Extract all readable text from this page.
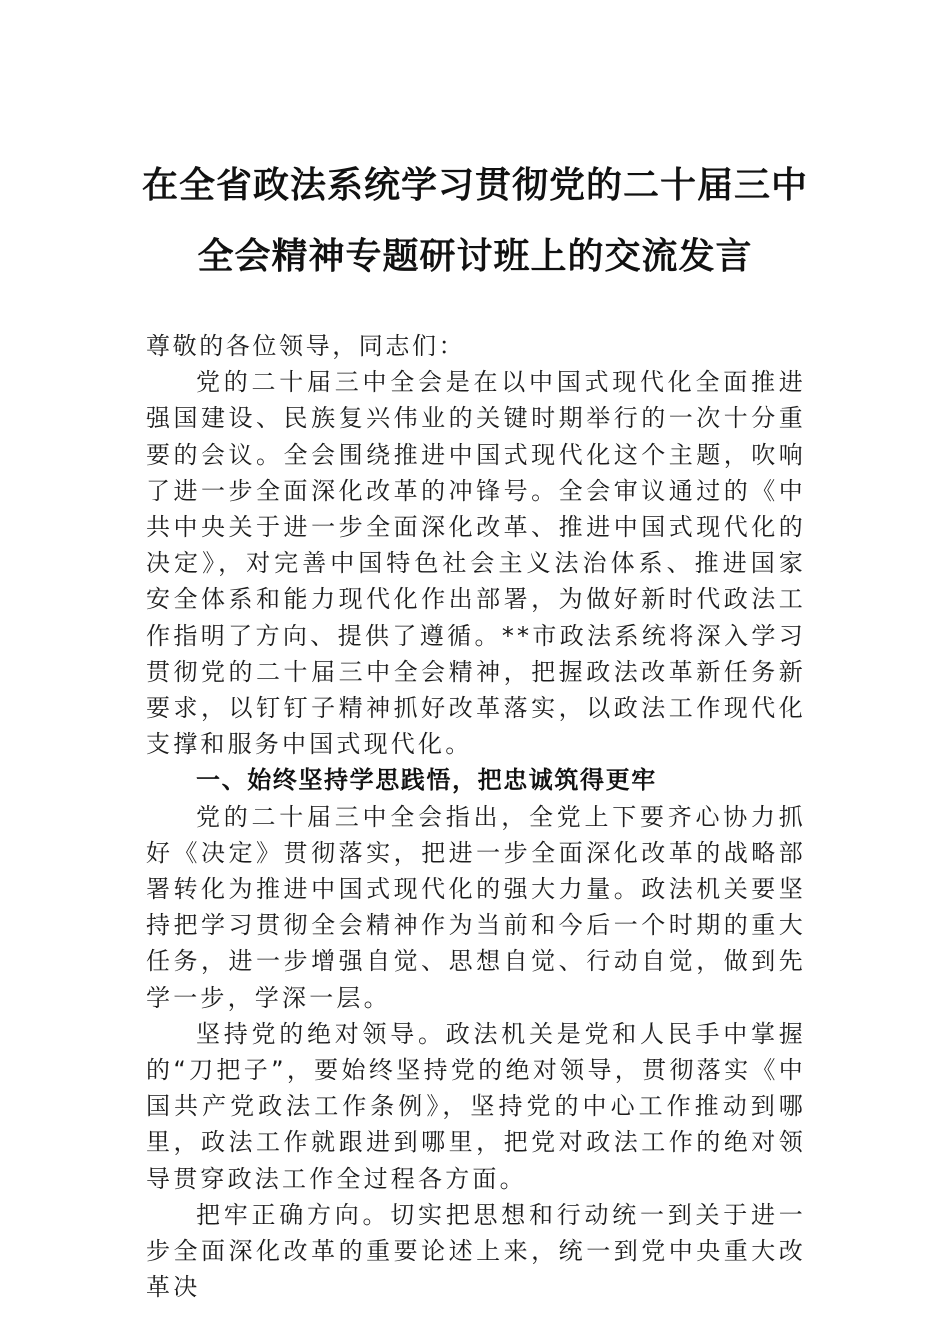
在全省政法系统学习贯彻党的二十届三中
全会精神专题研讨班上的交流发言

尊敬的各位领导，同志们：

党的二十届三中全会是在以中国式现代化全面推进强国建设、民族复兴伟业的关键时期举行的一次十分重要的会议。全会围绕推进中国式现代化这个主题，吹响了进一步全面深化改革的冲锋号。全会审议通过的《中共中央关于进一步全面深化改革、推进中国式现代化的决定》，对完善中国特色社会主义法治体系、推进国家安全体系和能力现代化作出部署，为做好新时代政法工作指明了方向、提供了遵循。**市政法系统将深入学习贯彻党的二十届三中全会精神，把握政法改革新任务新要求，以钉钉子精神抓好改革落实，以政法工作现代化支撑和服务中国式现代化。

一、始终坚持学思践悟，把忠诚筑得更牢

党的二十届三中全会指出，全党上下要齐心协力抓好《决定》贯彻落实，把进一步全面深化改革的战略部署转化为推进中国式现代化的强大力量。政法机关要坚持把学习贯彻全会精神作为当前和今后一个时期的重大任务，进一步增强自觉、思想自觉、行动自觉，做到先学一步，学深一层。

坚持党的绝对领导。政法机关是党和人民手中掌握的“刀把子”，要始终坚持党的绝对领导，贯彻落实《中国共产党政法工作条例》，坚持党的中心工作推动到哪里，政法工作就跟进到哪里，把党对政法工作的绝对领导贯穿政法工作全过程各方面。

把牢正确方向。切实把思想和行动统一到关于进一步全面深化改革的重要论述上来，统一到党中央重大改革决
